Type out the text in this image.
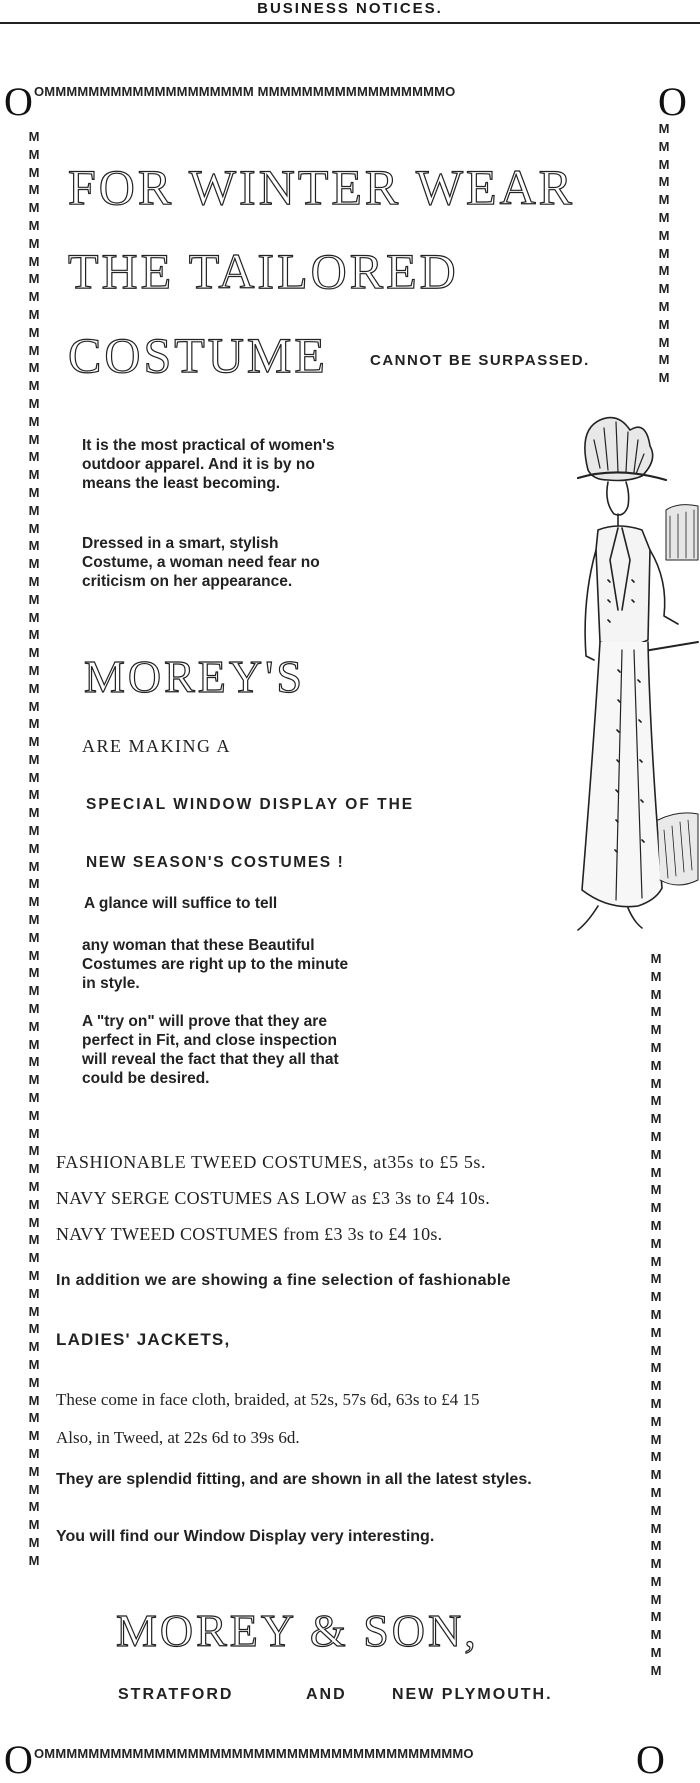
BUSINESS NOTICES.
O OMMMMMMMMMMMMMMMMMMM MMMMMMMMMMMMMMMMMO	O
MMMMMMMMMMMMMMMMMMMMMMMMMMMMMMMMMMMMMMMMMMMMMMMMMMMMMMMMMMMMMMMMMMMMMMMMMMMMMMMMM
MMMMMMMMMMMMMMM
MMMMMMMMMMMMMMMMMMMMMMMMMMMMMMMMMMMMMMMMM
O OMMMMMMMMMMMMMMMMMMMMMMMMMMMMMMMMMMMMMMO	O
FOR WINTER WEAR
THE TAILORED
COSTUME	CANNOT BE SURPASSED.
It is the most practical of women's outdoor apparel. And it is by no means the least becoming.
Dressed in a smart, stylish Costume, a woman need fear no criticism on her appearance.
MOREY'S
ARE MAKING A
SPECIAL WINDOW DISPLAY OF THE
NEW SEASON'S COSTUMES !
A glance will suffice to tell
any woman that these Beautiful Costumes are right up to the minute in style.
A "try on" will prove that they are perfect in Fit, and close inspection will reveal the fact that they all that could be desired.
FASHIONABLE TWEED COSTUMES, at35s to £5 5s.
NAVY SERGE COSTUMES AS LOW as £3 3s to £4 10s.
NAVY TWEED COSTUMES from £3 3s to £4 10s.
In addition we are showing a fine selection of fashionable
LADIES' JACKETS,
These come in face cloth, braided, at 52s, 57s 6d, 63s to £4 15
Also, in Tweed, at 22s 6d to 39s 6d.
They are splendid fitting, and are shown in all the latest styles.
You will find our Window Display very interesting.
MOREY & SON,
STRATFORD	AND	NEW PLYMOUTH.
